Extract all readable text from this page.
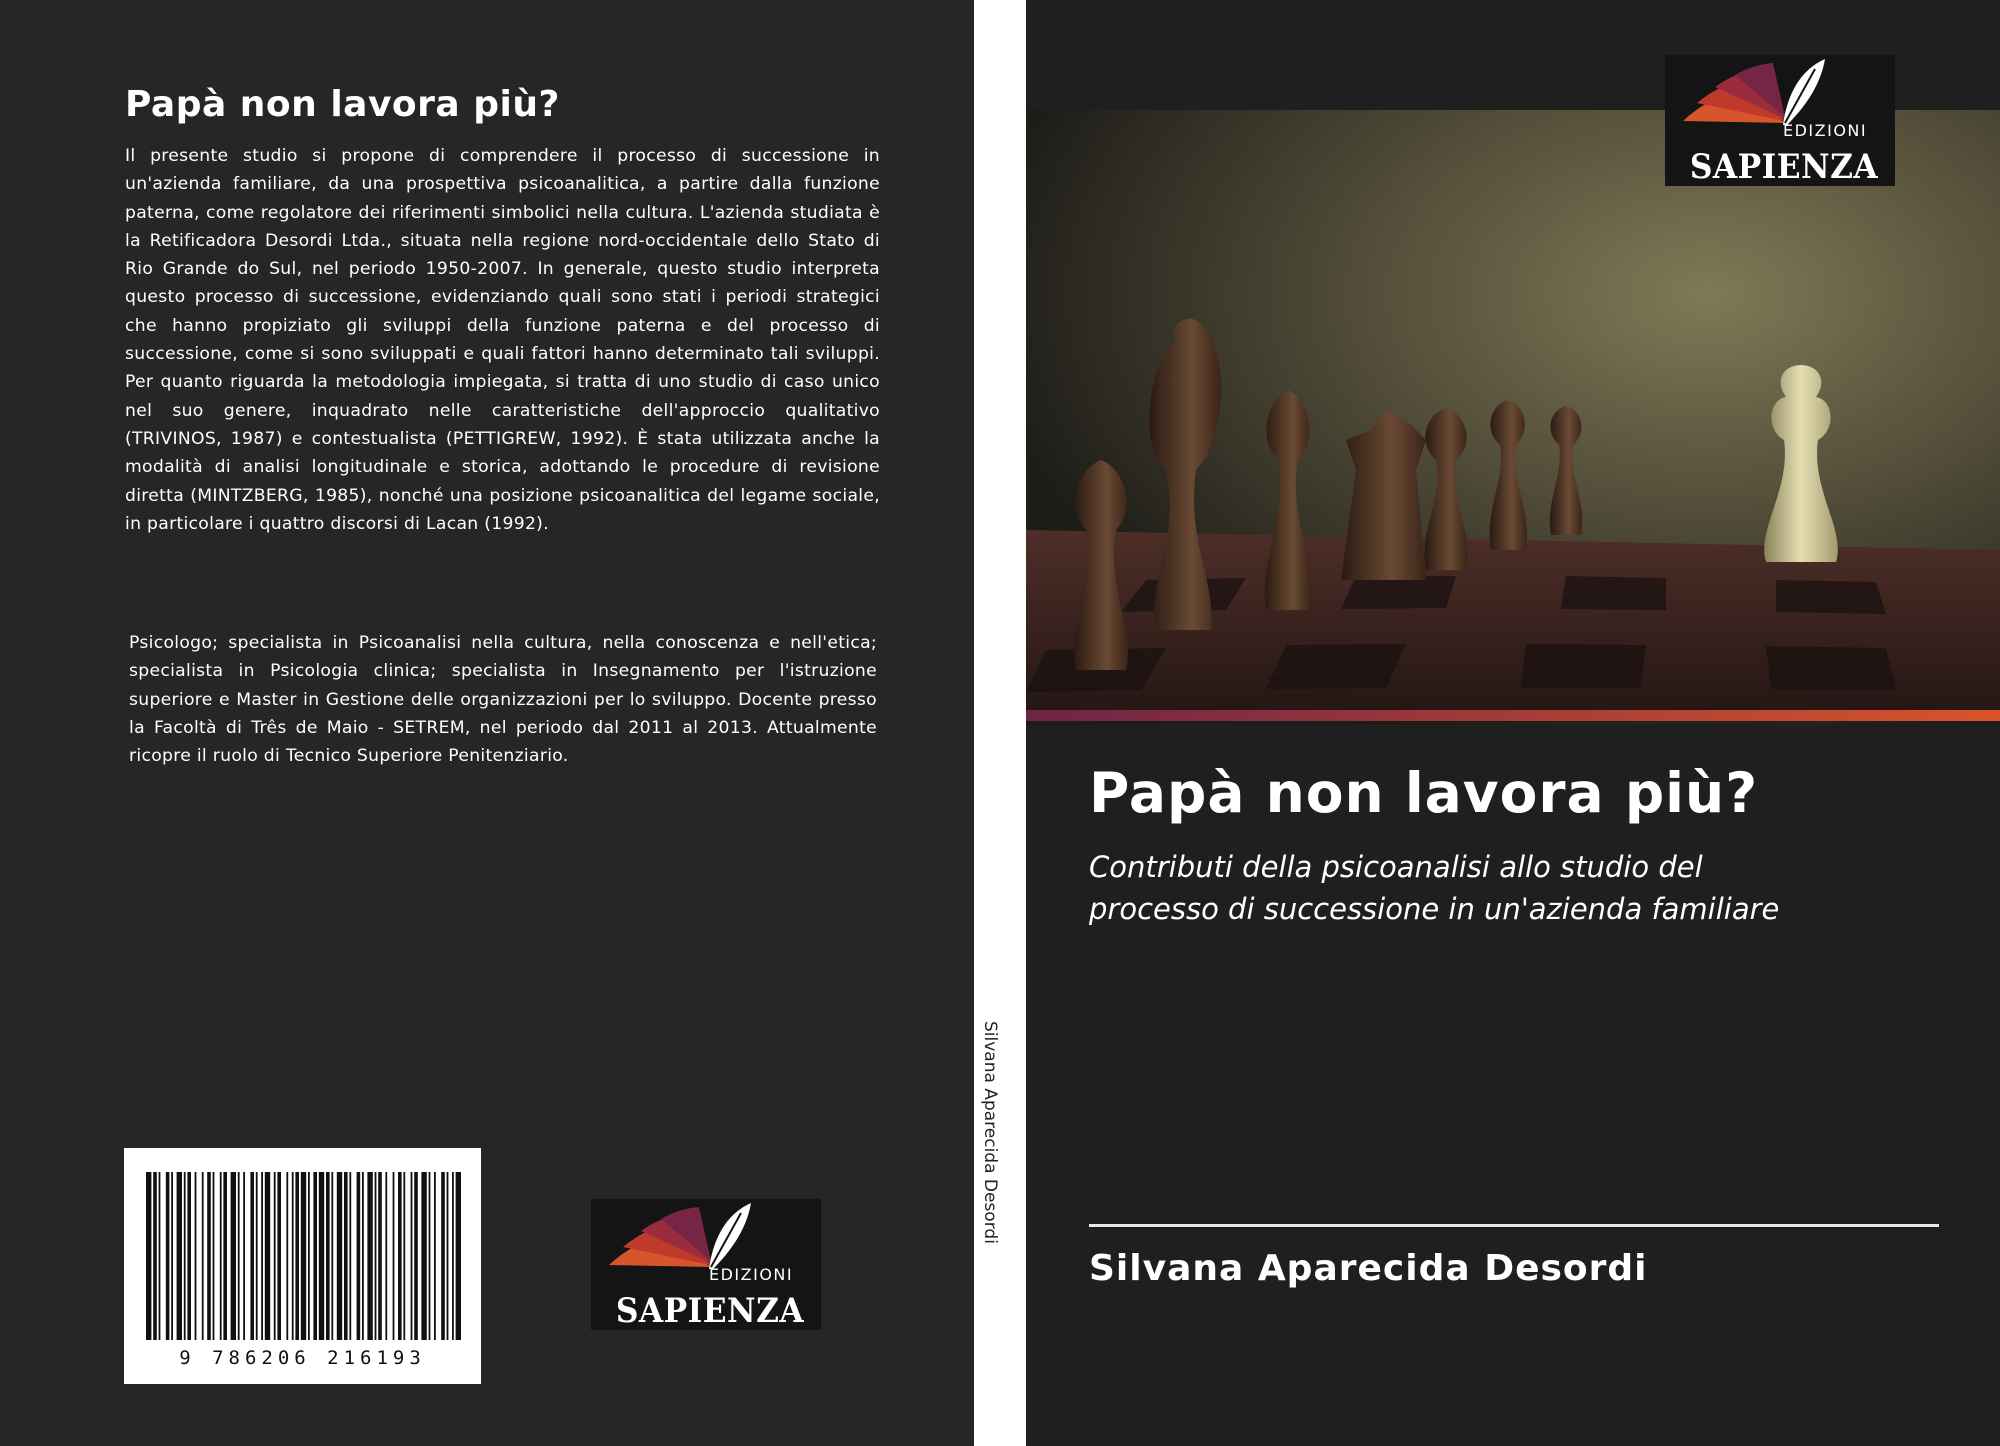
Papà non lavora più?

Il presente studio si propone di comprendere il processo di successione in un'azienda familiare, da una prospettiva psicoanalitica, a partire dalla funzione paterna, come regolatore dei riferimenti simbolici nella cultura. L'azienda studiata è la Retificadora Desordi Ltda., situata nella regione nord-occidentale dello Stato di Rio Grande do Sul, nel periodo 1950-2007. In generale, questo studio interpreta questo processo di successione, evidenziando quali sono stati i periodi strategici che hanno propiziato gli sviluppi della funzione paterna e del processo di successione, come si sono sviluppati e quali fattori hanno determinato tali sviluppi. Per quanto riguarda la metodologia impiegata, si tratta di uno studio di caso unico nel suo genere, inquadrato nelle caratteristiche dell'approccio qualitativo (TRIVINOS, 1987) e contestualista (PETTIGREW, 1992). È stata utilizzata anche la modalità di analisi longitudinale e storica, adottando le procedure di revisione diretta (MINTZBERG, 1985), nonché una posizione psicoanalitica del legame sociale, in particolare i quattro discorsi di Lacan (1992).

Psicologo; specialista in Psicoanalisi nella cultura, nella conoscenza e nell'etica; specialista in Psicologia clinica; specialista in Insegnamento per l'istruzione superiore e Master in Gestione delle organizzazioni per lo sviluppo. Docente presso la Facoltà di Três de Maio - SETREM, nel periodo dal 2011 al 2013. Attualmente ricopre il ruolo di Tecnico Superiore Penitenziario.

9 786206 216193
EDIZIONI
SAPIENZA
Silvana Aparecida Desordi
EDIZIONI
SAPIENZA
Papà non lavora più?
Contributi della psicoanalisi allo studio del
processo di successione in un'azienda familiare
Silvana Aparecida Desordi
